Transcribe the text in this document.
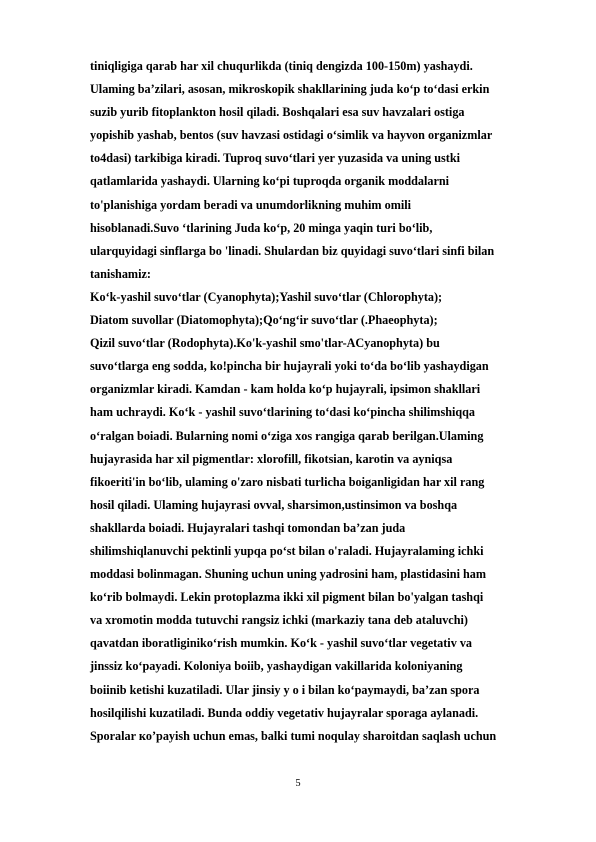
tiniqligiga qarab har xil chuqurlikda (tiniq dengizda 100-150m) yashaydi.
Ulaming ba’zilari, asosan, mikroskopik shakllarining juda ko‘p to‘dasi erkin
suzib yurib fitoplankton hosil qiladi. Boshqalari esa suv havzalari ostiga
yopishib yashab, bentos (suv havzasi ostidagi o‘simlik va hayvon organizmlar
to4dasi) tarkibiga kiradi. Tuproq suvo‘tlari yer yuzasida va uning ustki
qatlamlarida yashaydi. Ularning ko‘pi tuproqda organik moddalarni
to'planishiga yordam beradi va unumdorlikning muhim omili
hisoblanadi.Suvo ‘tlarining Juda ko‘p, 20 minga yaqin turi bo‘lib,
ularquyidagi sinflarga bo 'linadi. Shulardan biz quyidagi suvo‘tlari sinfi bilan
tanishamiz:
Ko‘k-yashil suvo‘tlar (Cyanophyta);Yashil suvo‘tlar (Chlorophyta);
Diatom suvollar (Diatomophyta);Qo‘ng‘ir suvo‘tlar (.Phaeophyta);
Qizil suvo‘tlar (Rodophyta).Ko'k-yashil smo'tlar-ACyanophyta) bu
suvo‘tlarga eng sodda, ko!pincha bir hujayrali yoki to‘da bo‘lib yashaydigan
organizmlar kiradi. Kamdan - kam holda ko‘p hujayrali, ipsimon shakllari
ham uchraydi. Ko‘k - yashil suvo‘tlarining to‘dasi ko‘pincha shilimshiqqa
o‘ralgan boiadi. Bularning nomi o‘ziga xos rangiga qarab berilgan.Ulaming
hujayrasida har xil pigmentlar: xlorofill, fikotsian, karotin va ayniqsa
fikoeriti'in bo‘lib, ulaming o'zaro nisbati turlicha boiganligidan har xil rang
hosil qiladi. Ulaming hujayrasi ovval, sharsimon,ustinsimon va boshqa
shakllarda boiadi. Hujayralari tashqi tomondan ba’zan juda
shilimshiqlanuvchi pektinli yupqa po‘st bilan o'raladi. Hujayralaming ichki
moddasi bolinmagan. Shuning uchun uning yadrosini ham, plastidasini ham
ko‘rib bolmaydi. Lekin protoplazma ikki xil pigment bilan bo'yalgan tashqi
va xromotin modda tutuvchi rangsiz ichki (markaziy tana deb ataluvchi)
qavatdan iboratliginiko‘rish mumkin. Ko‘k - yashil suvo‘tlar vegetativ va
jinssiz ko‘payadi. Koloniya boiib, yashaydigan vakillarida koloniyaning
boiinib ketishi kuzatiladi. Ular jinsiy y o i bilan ko‘paymaydi, ba’zan spora
hosilqilishi kuzatiladi. Bunda oddiy vegetativ hujayralar sporaga aylanadi.
Sporalar кo’payish uchun emas, balki tumi noqulay sharoitdan saqlash uchun
5
